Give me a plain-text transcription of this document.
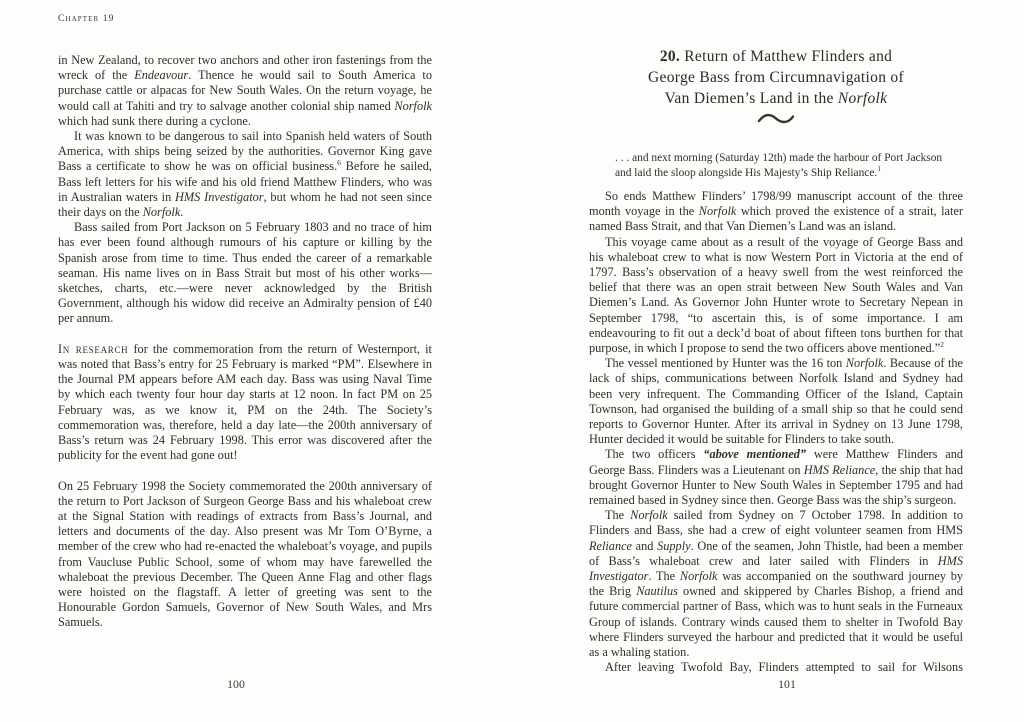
Chapter 19

in New Zealand, to recover two anchors and other iron fastenings from the wreck of the Endeavour. Thence he would sail to South America to purchase cattle or alpacas for New South Wales. On the return voyage, he would call at Tahiti and try to salvage another colonial ship named Norfolk which had sunk there during a cyclone.

It was known to be dangerous to sail into Spanish held waters of South America, with ships being seized by the authorities. Governor King gave Bass a certificate to show he was on official business.$^6$ Before he sailed, Bass left letters for his wife and his old friend Matthew Flinders, who was in Australian waters in HMS Investigator, but whom he had not seen since their days on the Norfolk.

Bass sailed from Port Jackson on 5 February 1803 and no trace of him has ever been found although rumours of his capture or killing by the Spanish arose from time to time. Thus ended the career of a remarkable seaman. His name lives on in Bass Strait but most of his other works—sketches, charts, etc.—were never acknowledged by the British Government, although his widow did receive an Admiralty pension of £40 per annum.

In research for the commemoration from the return of Westernport, it was noted that Bass’s entry for 25 February is marked “PM”. Elsewhere in the Journal PM appears before AM each day. Bass was using Naval Time by which each twenty four hour day starts at 12 noon. In fact PM on 25 February was, as we know it, PM on the 24th. The Society’s commemoration was, therefore, held a day late—the 200th anniversary of Bass’s return was 24 February 1998. This error was discovered after the publicity for the event had gone out!

On 25 February 1998 the Society commemorated the 200th anniversary of the return to Port Jackson of Surgeon George Bass and his whaleboat crew at the Signal Station with readings of extracts from Bass’s Journal, and letters and documents of the day. Also present was Mr Tom O’Byrne, a member of the crew who had re-enacted the whaleboat’s voyage, and pupils from Vaucluse Public School, some of whom may have farewelled the whaleboat the previous December. The Queen Anne Flag and other flags were hoisted on the flagstaff. A letter of greeting was sent to the Honourable Gordon Samuels, Governor of New South Wales, and Mrs Samuels.

20. Return of Matthew Flinders and

George Bass from Circumnavigation of

Van Diemen’s Land in the Norfolk

. . . and next morning (Saturday 12th) made the harbour of Port Jackson

and laid the sloop alongside His Majesty’s Ship Reliance.$^1$

So ends Matthew Flinders’ 1798/99 manuscript account of the three month voyage in the Norfolk which proved the existence of a strait, later named Bass Strait, and that Van Diemen’s Land was an island.

This voyage came about as a result of the voyage of George Bass and his whaleboat crew to what is now Western Port in Victoria at the end of 1797. Bass’s observation of a heavy swell from the west reinforced the belief that there was an open strait between New South Wales and Van Diemen’s Land. As Governor John Hunter wrote to Secretary Nepean in September 1798, “to ascertain this, is of some importance. I am endeavouring to fit out a deck’d boat of about fifteen tons burthen for that purpose, in which I propose to send the two officers above mentioned.”$^2$

The vessel mentioned by Hunter was the 16 ton Norfolk. Because of the lack of ships, communications between Norfolk Island and Sydney had been very infrequent. The Commanding Officer of the Island, Captain Townson, had organised the building of a small ship so that he could send reports to Governor Hunter. After its arrival in Sydney on 13 June 1798, Hunter decided it would be suitable for Flinders to take south.

The two officers “above mentioned” were Matthew Flinders and George Bass. Flinders was a Lieutenant on HMS Reliance, the ship that had brought Governor Hunter to New South Wales in September 1795 and had remained based in Sydney since then. George Bass was the ship’s surgeon.

The Norfolk sailed from Sydney on 7 October 1798. In addition to Flinders and Bass, she had a crew of eight volunteer seamen from HMS Reliance and Supply. One of the seamen, John Thistle, had been a member of Bass’s whaleboat crew and later sailed with Flinders in HMS Investigator. The Norfolk was accompanied on the southward journey by the Brig Nautilus owned and skippered by Charles Bishop, a friend and future commercial partner of Bass, which was to hunt seals in the Furneaux Group of islands. Contrary winds caused them to shelter in Twofold Bay where Flinders surveyed the harbour and predicted that it would be useful as a whaling station.

After leaving Twofold Bay, Flinders attempted to sail for Wilsons

100	101
